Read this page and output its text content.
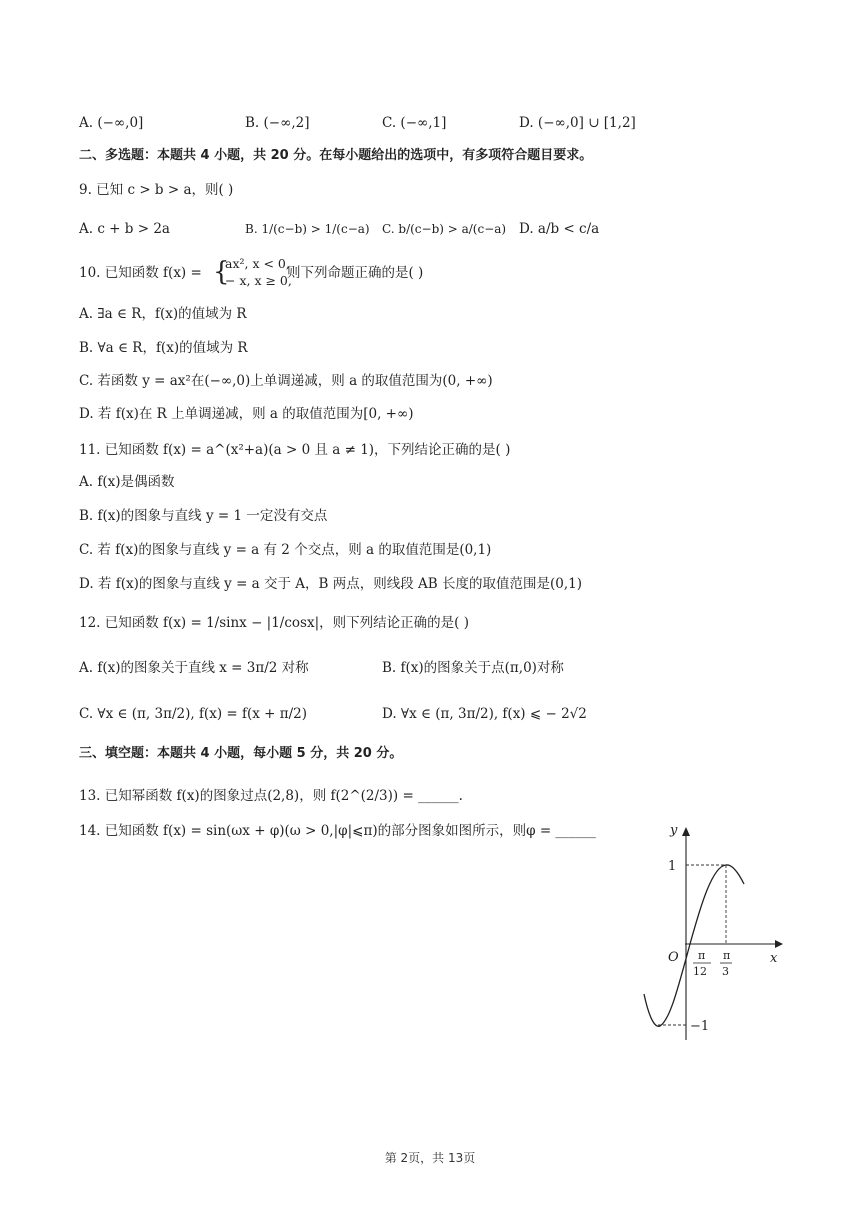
A. (−∞,0]	B. (−∞,2]	C. (−∞,1]	D. (−∞,0] ∪ [1,2]
二、多选题：本题共 4 小题，共 20 分。在每小题给出的选项中，有多项符合题目要求。
9. 已知 c > b > a，则( )
A. c + b > 2a	B. 1/(c−b) > 1/(c−a) C. b/(c−b) > a/(c−a) D. a/b < c/a
10. 已知函数 f(x) = {
ax², x < 0,
− x, x ≥ 0,
则下列命题正确的是( )
A. ∃a ∈ R，f(x)的值域为 R
B. ∀a ∈ R，f(x)的值域为 R
C. 若函数 y = ax²在(−∞,0)上单调递减，则 a 的取值范围为(0, +∞)
D. 若 f(x)在 R 上单调递减，则 a 的取值范围为[0, +∞)
11. 已知函数 f(x) = a^(x²+a)(a > 0 且 a ≠ 1)，下列结论正确的是( )
A. f(x)是偶函数
B. f(x)的图象与直线 y = 1 一定没有交点
C. 若 f(x)的图象与直线 y = a 有 2 个交点，则 a 的取值范围是(0,1)
D. 若 f(x)的图象与直线 y = a 交于 A，B 两点，则线段 AB 长度的取值范围是(0,1)
12. 已知函数 f(x) = 1/sinx − |1/cosx|，则下列结论正确的是( )
A. f(x)的图象关于直线 x = 3π/2 对称	B. f(x)的图象关于点(π,0)对称
C. ∀x ∈ (π, 3π/2), f(x) = f(x + π/2)	D. ∀x ∈ (π, 3π/2), f(x) ⩽ − 2√2
三、填空题：本题共 4 小题，每小题 5 分，共 20 分。
13. 已知幂函数 f(x)的图象过点(2,8)，则 f(2^(2/3)) = ______.
14. 已知函数 f(x) = sin(ωx + φ)(ω > 0,|φ|⩽π)的部分图象如图所示，则φ = ______	y
x
O
1
−1
π
12
π
3
第 2页，共 13页
